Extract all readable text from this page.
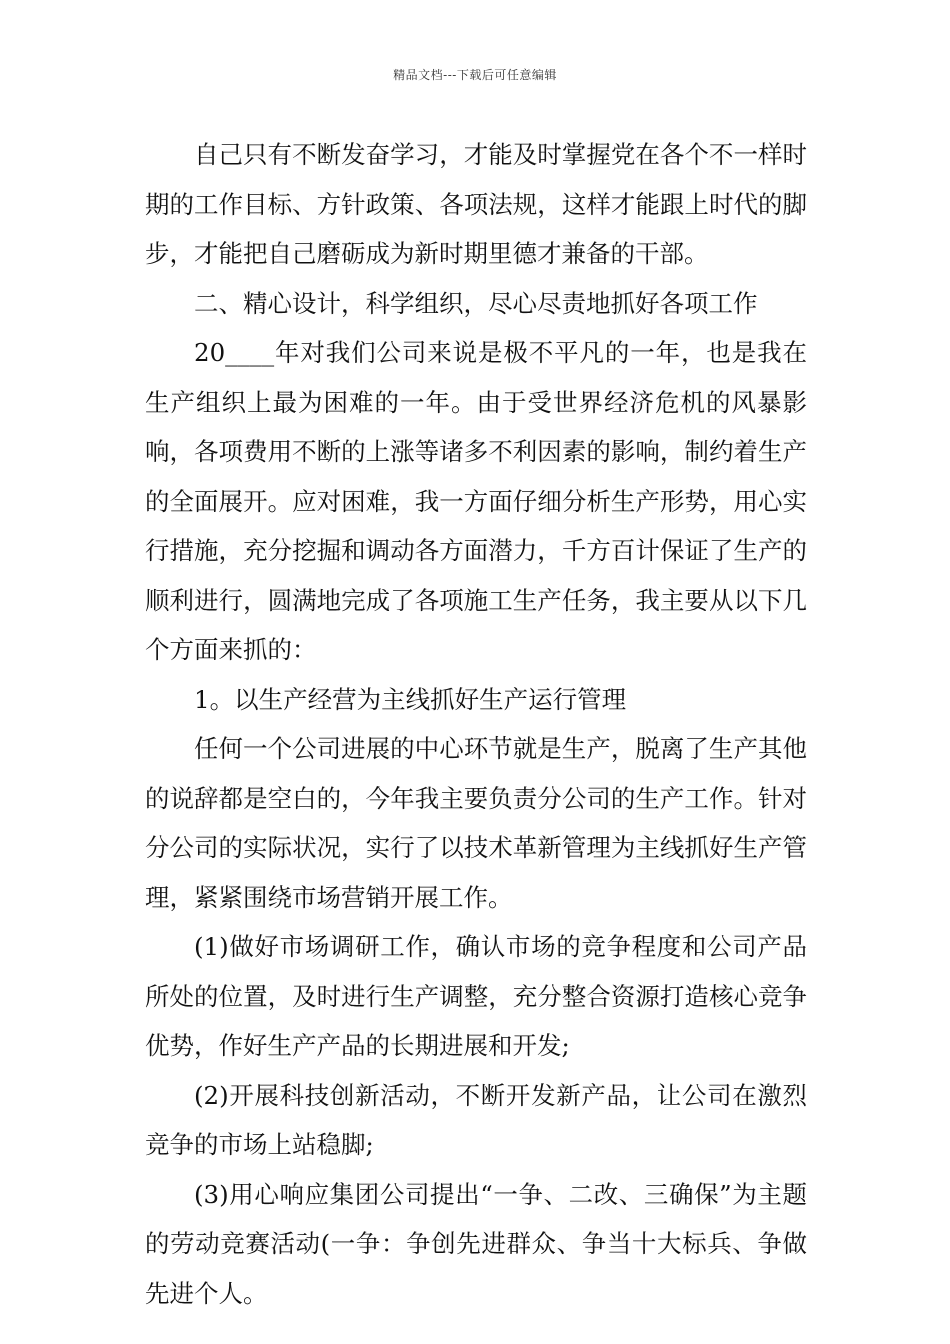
精品文档---下载后可任意编辑

自己只有不断发奋学习，才能及时掌握党在各个不一样时期的工作目标、方针政策、各项法规，这样才能跟上时代的脚步，才能把自己磨砺成为新时期里德才兼备的干部。

二、精心设计，科学组织，尽心尽责地抓好各项工作

20____年对我们公司来说是极不平凡的一年，也是我在生产组织上最为困难的一年。由于受世界经济危机的风暴影响，各项费用不断的上涨等诸多不利因素的影响，制约着生产的全面展开。应对困难，我一方面仔细分析生产形势，用心实行措施，充分挖掘和调动各方面潜力，千方百计保证了生产的顺利进行，圆满地完成了各项施工生产任务，我主要从以下几个方面来抓的：

1。以生产经营为主线抓好生产运行管理

任何一个公司进展的中心环节就是生产，脱离了生产其他的说辞都是空白的，今年我主要负责分公司的生产工作。针对分公司的实际状况，实行了以技术革新管理为主线抓好生产管理，紧紧围绕市场营销开展工作。

(1)做好市场调研工作，确认市场的竞争程度和公司产品所处的位置，及时进行生产调整，充分整合资源打造核心竞争优势，作好生产产品的长期进展和开发;

(2)开展科技创新活动，不断开发新产品，让公司在激烈竞争的市场上站稳脚;

(3)用心响应集团公司提出“一争、二改、三确保”为主题的劳动竞赛活动(一争：争创先进群众、争当十大标兵、争做先进个人。
